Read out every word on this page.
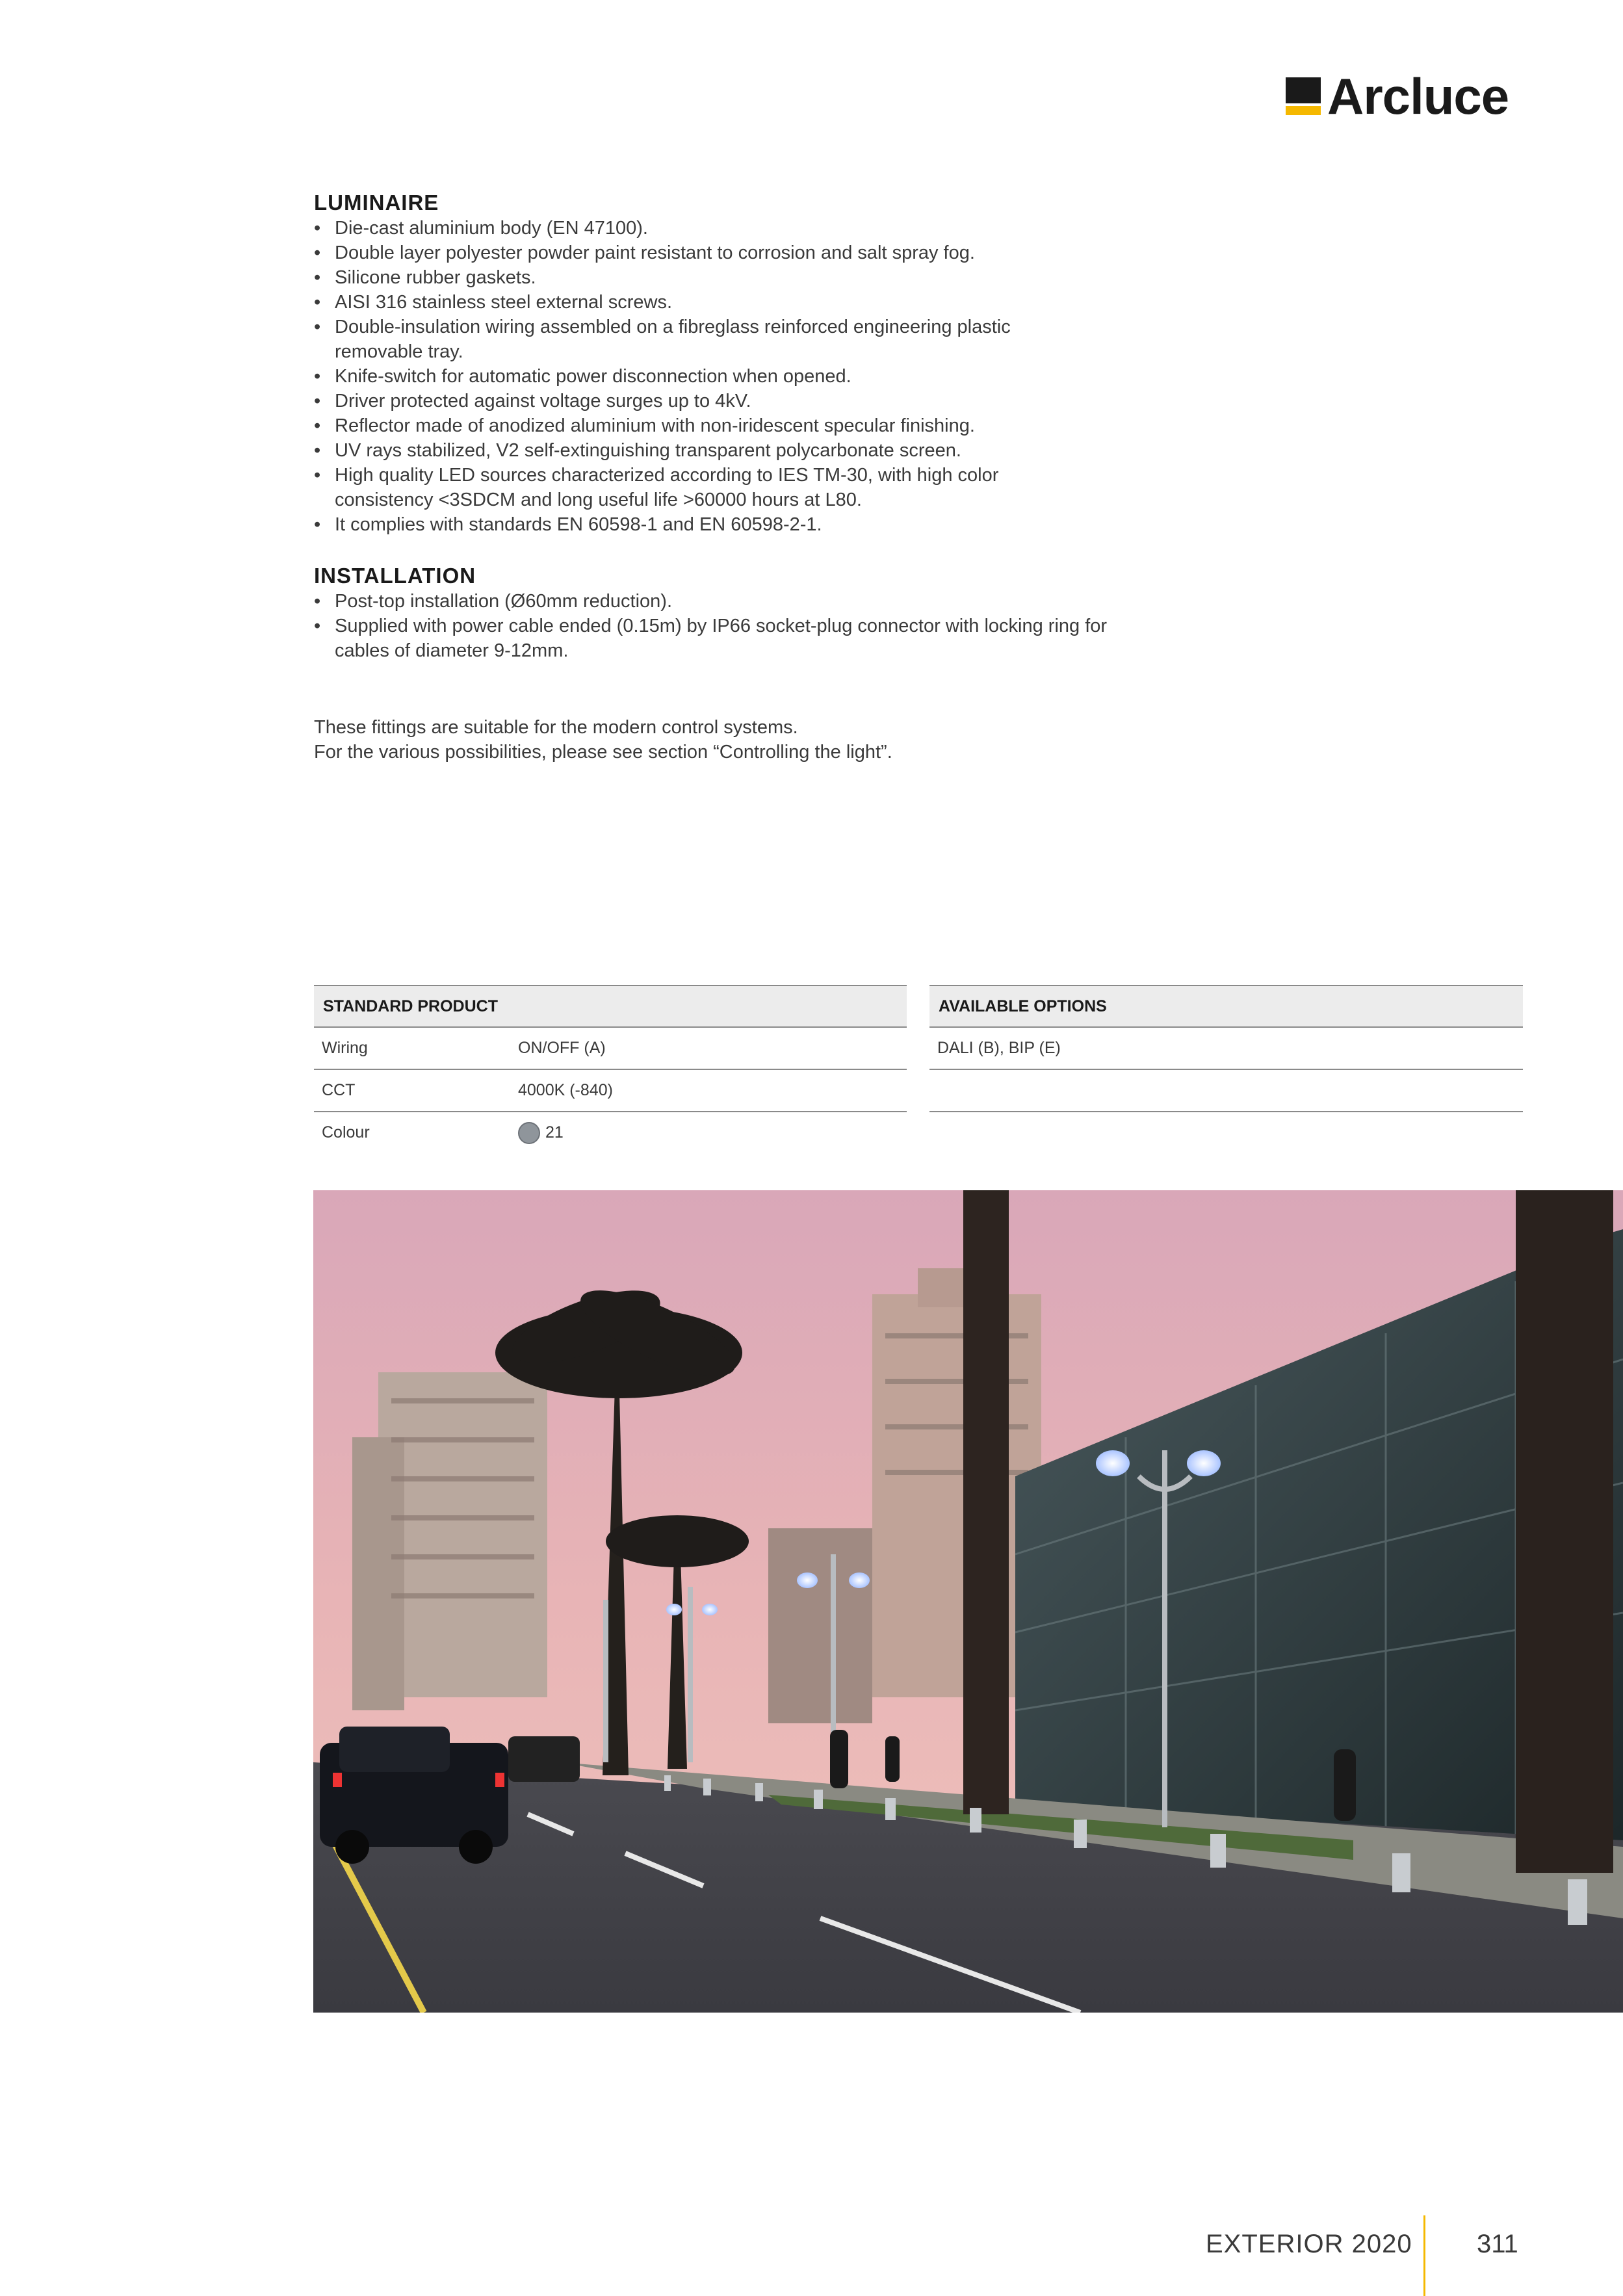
Arcluce
LUMINAIRE
• Die-cast aluminium body (EN 47100).
• Double layer polyester powder paint resistant to corrosion and salt spray fog.
• Silicone rubber gaskets.
• AISI 316 stainless steel external screws.
• Double-insulation wiring assembled on a fibreglass reinforced engineering plastic removable tray.
• Knife-switch for automatic power disconnection when opened.
• Driver protected against voltage surges up to 4kV.
• Reflector made of anodized aluminium with non-iridescent specular finishing.
• UV rays stabilized, V2 self-extinguishing transparent polycarbonate screen.
• High quality LED sources characterized according to IES TM-30, with high color consistency <3SDCM and long useful life >60000 hours at L80.
• It complies with standards EN 60598-1 and EN 60598-2-1.
INSTALLATION
• Post-top installation (Ø60mm reduction).
• Supplied with power cable ended (0.15m) by IP66 socket-plug connector with locking ring for cables of diameter 9-12mm.

These fittings are suitable for the modern control systems.

For the various possibilities, please see section “Controlling the light”.

STANDARD PRODUCT
Wiring	ON/OFF (A)
CCT	4000K (-840)
Colour	21
AVAILABLE OPTIONS
DALI (B), BIP (E)
EXTERIOR 2020 311
